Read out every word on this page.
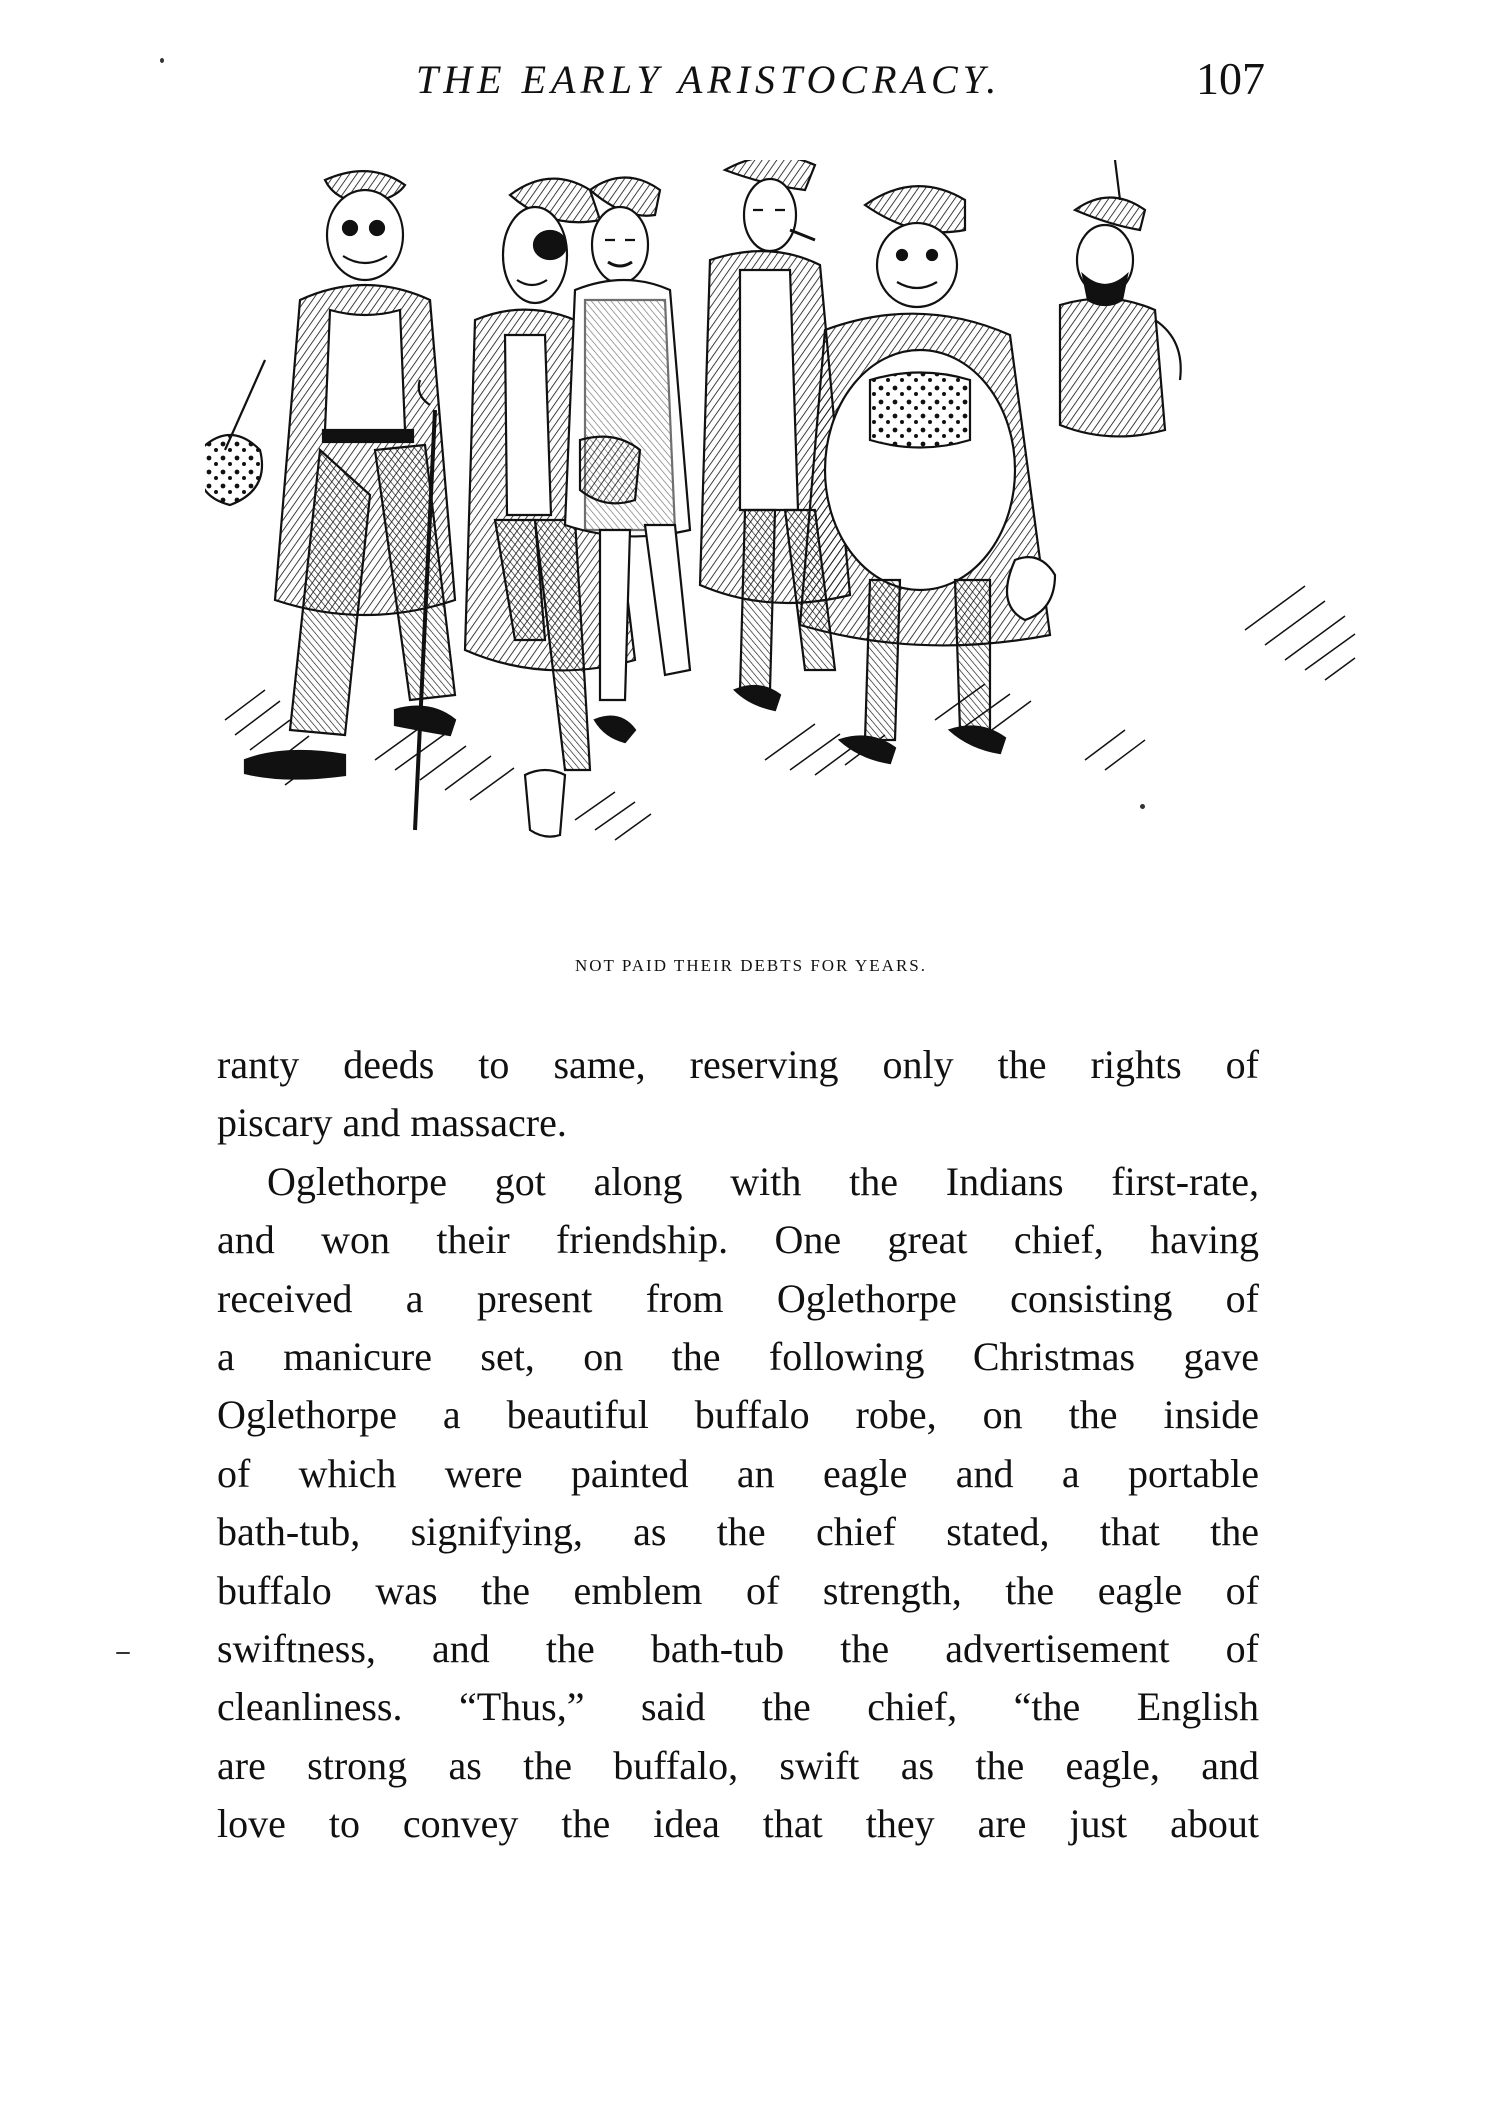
THE EARLY ARISTOCRACY.	107
NOT PAID THEIR DEBTS FOR YEARS.
ranty deeds to same, reserving only the rights of
piscary and massacre.
Oglethorpe got along with the Indians first-rate,
and won their friendship. One great chief, having
received a present from Oglethorpe consisting of
a manicure set, on the following Christmas gave
Oglethorpe a beautiful buffalo robe, on the inside
of which were painted an eagle and a portable
bath-tub, signifying, as the chief stated, that the
buffalo was the emblem of strength, the eagle of
swiftness, and the bath-tub the advertisement of
cleanliness. “Thus,” said the chief, “the English
are strong as the buffalo, swift as the eagle, and
love to convey the idea that they are just about
